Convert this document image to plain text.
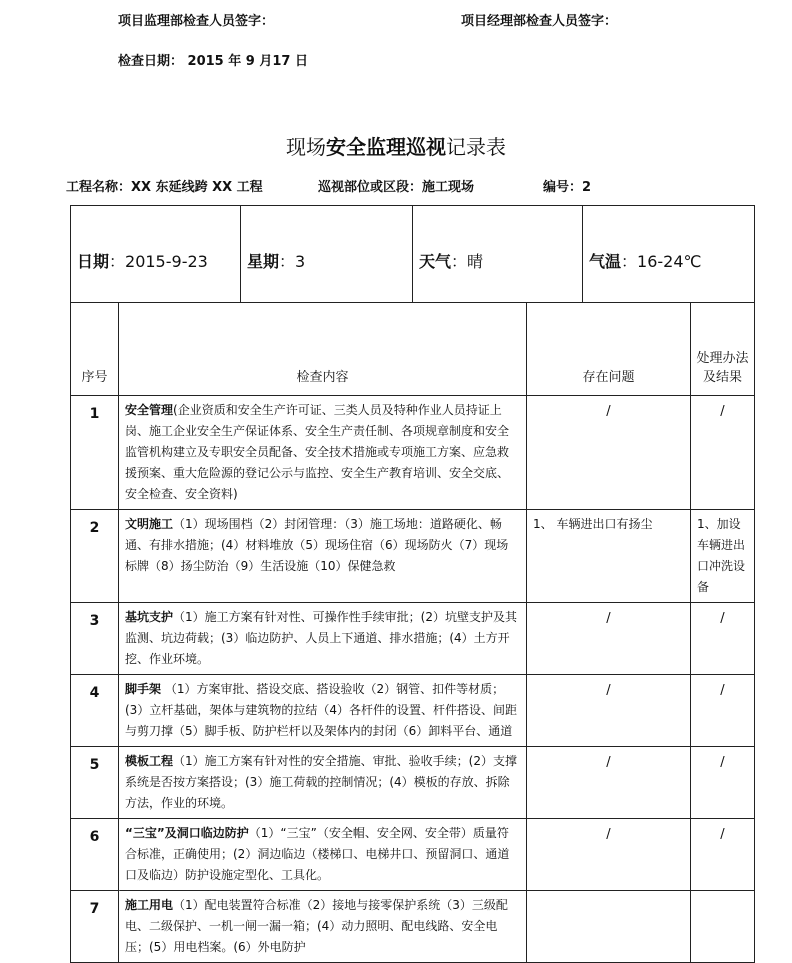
项目监理部检查人员签字：	项目经理部检查人员签字：
检查日期： 2015 年 9 月17 日
现场安全监理巡视记录表
工程名称：XX 东延线跨 XX 工程	巡视部位或区段：施工现场	编号：2
日期：2015-9-23		星期：3	天气：晴		气温：16-24℃	
序号	检查内容			存在问题		处理办法及结果
1	安全管理(企业资质和安全生产许可证、三类人员及特种作业人员持证上岗、施工企业安全生产保证体系、安全生产责任制、各项规章制度和安全监管机构建立及专职安全员配备、安全技术措施或专项施工方案、应急救援预案、重大危险源的登记公示与监控、安全生产教育培训、安全交底、安全检查、安全资料)			/		/
2	文明施工（1）现场围档（2）封闭管理：（3）施工场地：道路硬化、畅通、有排水措施；(4）材料堆放（5）现场住宿（6）现场防火（7）现场标牌（8）扬尘防治（9）生活设施（10）保健急救			1、 车辆进出口有扬尘		1、加设车辆进出口冲洗设备
3	基坑支护（1）施工方案有针对性、可操作性手续审批；(2）坑壁支护及其监测、坑边荷载；(3）临边防护、人员上下通道、排水措施；(4）土方开挖、作业环境。			/		/
4	脚手架 （1）方案审批、搭设交底、搭设验收（2）钢管、扣件等材质；(3）立杆基础，架体与建筑物的拉结（4）各杆件的设置、杆件搭设、间距与剪刀撑（5）脚手板、防护栏杆以及架体内的封闭（6）卸料平台、通道			/		/
5	模板工程（1）施工方案有针对性的安全措施、审批、验收手续；(2）支撑系统是否按方案搭设；(3）施工荷载的控制情况；(4）模板的存放、拆除方法，作业的环境。			/		/
6	“三宝”及洞口临边防护（1）“三宝”（安全帽、安全网、安全带）质量符合标准，正确使用；(2）洞边临边（楼梯口、电梯井口、预留洞口、通道口及临边）防护设施定型化、工具化。			/		/
7	施工用电（1）配电装置符合标准（2）接地与接零保护系统（3）三级配电、二级保护、一机一闸一漏一箱；(4）动力照明、配电线路、安全电压；(5）用电档案。(6）外电防护					
.
